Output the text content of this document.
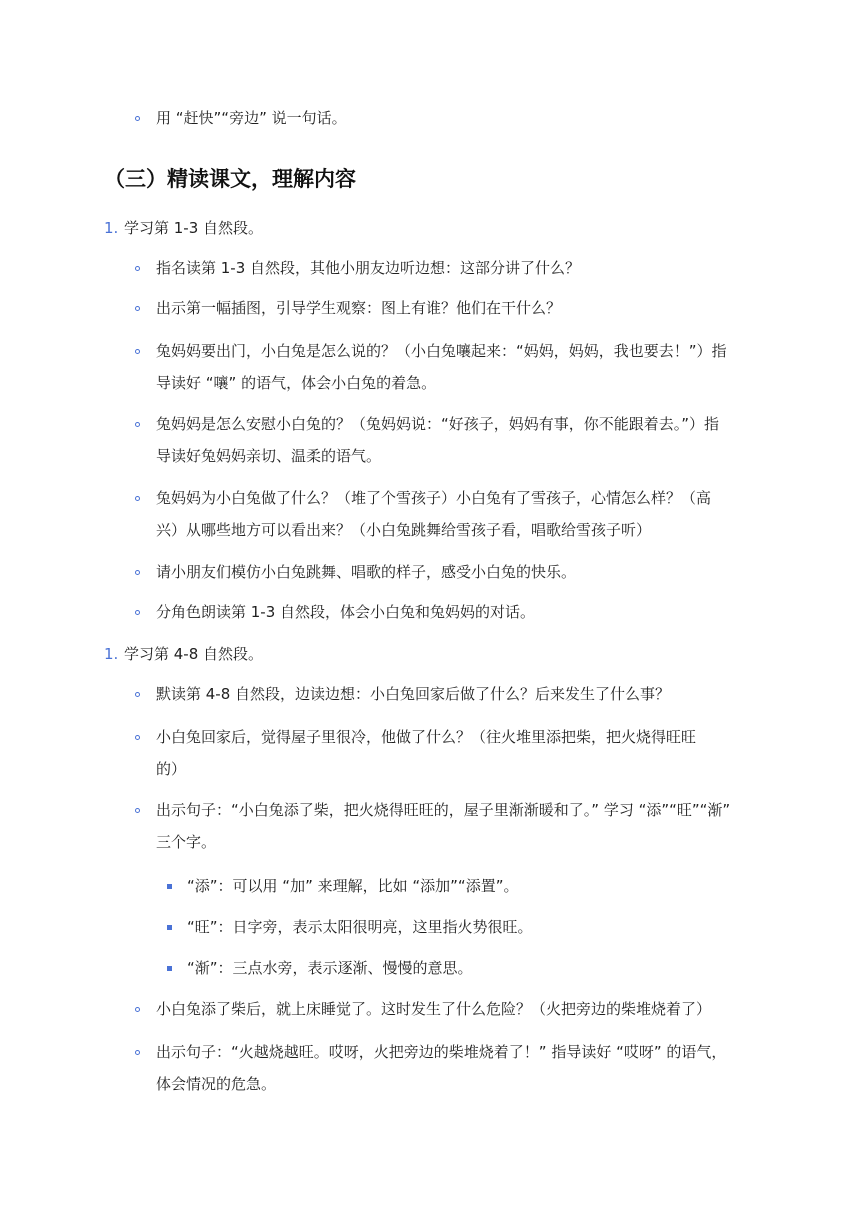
用 “赶快”“旁边” 说一句话。
（三）精读课文，理解内容
1. 学习第 1-3 自然段。
指名读第 1-3 自然段，其他小朋友边听边想：这部分讲了什么？
出示第一幅插图，引导学生观察：图上有谁？他们在干什么？
兔妈妈要出门，小白兔是怎么说的？（小白兔嚷起来：“妈妈，妈妈，我也要去！”）指
导读好 “嚷” 的语气，体会小白兔的着急。
兔妈妈是怎么安慰小白兔的？（兔妈妈说：“好孩子，妈妈有事，你不能跟着去。”）指
导读好兔妈妈亲切、温柔的语气。
兔妈妈为小白兔做了什么？（堆了个雪孩子）小白兔有了雪孩子，心情怎么样？（高
兴）从哪些地方可以看出来？（小白兔跳舞给雪孩子看，唱歌给雪孩子听）
请小朋友们模仿小白兔跳舞、唱歌的样子，感受小白兔的快乐。
分角色朗读第 1-3 自然段，体会小白兔和兔妈妈的对话。
1. 学习第 4-8 自然段。
默读第 4-8 自然段，边读边想：小白兔回家后做了什么？后来发生了什么事？
小白兔回家后，觉得屋子里很冷，他做了什么？（往火堆里添把柴，把火烧得旺旺
的）
出示句子：“小白兔添了柴，把火烧得旺旺的，屋子里渐渐暖和了。” 学习 “添”“旺”“渐”
三个字。
“添”：可以用 “加” 来理解，比如 “添加”“添置”。
“旺”：日字旁，表示太阳很明亮，这里指火势很旺。
“渐”：三点水旁，表示逐渐、慢慢的意思。
小白兔添了柴后，就上床睡觉了。这时发生了什么危险？（火把旁边的柴堆烧着了）
出示句子：“火越烧越旺。哎呀，火把旁边的柴堆烧着了！” 指导读好 “哎呀” 的语气，
体会情况的危急。
